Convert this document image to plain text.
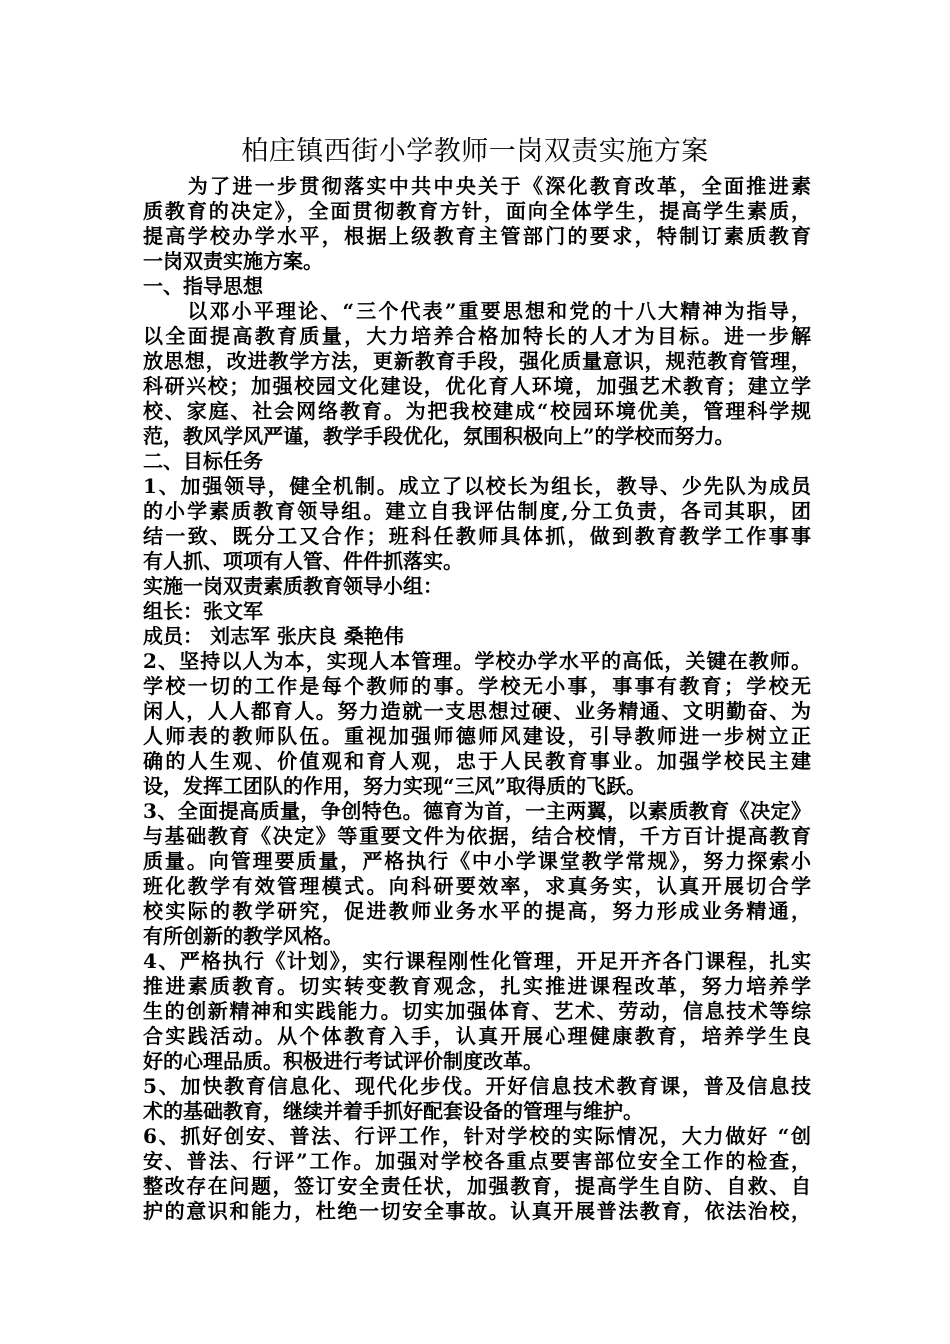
柏庄镇西街小学教师一岗双责实施方案
　　为了进一步贯彻落实中共中央关于《深化教育改革，全面推进素
质教育的决定》，全面贯彻教育方针，面向全体学生，提高学生素质，
提高学校办学水平，根据上级教育主管部门的要求，特制订素质教育
一岗双责实施方案。
一、指导思想
　　以邓小平理论、“三个代表”重要思想和党的十八大精神为指导，
以全面提高教育质量，大力培养合格加特长的人才为目标。进一步解
放思想，改进教学方法，更新教育手段，强化质量意识，规范教育管理，
科研兴校；加强校园文化建设，优化育人环境，加强艺术教育；建立学
校、家庭、社会网络教育。为把我校建成“校园环境优美，管理科学规
范，教风学风严谨，教学手段优化，氛围积极向上”的学校而努力。
二、目标任务
1、加强领导，健全机制。成立了以校长为组长，教导、少先队为成员
的小学素质教育领导组。建立自我评估制度,分工负责，各司其职，团
结一致、既分工又合作；班科任教师具体抓，做到教育教学工作事事
有人抓、项项有人管、件件抓落实。
实施一岗双责素质教育领导小组：
组长：张文军
成员： 刘志军 张庆良 桑艳伟
2、坚持以人为本，实现人本管理。学校办学水平的高低，关键在教师。
学校一切的工作是每个教师的事。学校无小事，事事有教育；学校无
闲人，人人都育人。努力造就一支思想过硬、业务精通、文明勤奋、为
人师表的教师队伍。重视加强师德师风建设，引导教师进一步树立正
确的人生观、价值观和育人观，忠于人民教育事业。加强学校民主建
设，发挥工团队的作用，努力实现“三风”取得质的飞跃。
3、全面提高质量，争创特色。德育为首，一主两翼，以素质教育《决定》
与基础教育《决定》等重要文件为依据，结合校情，千方百计提高教育
质量。向管理要质量，严格执行《中小学课堂教学常规》，努力探索小
班化教学有效管理模式。向科研要效率，求真务实，认真开展切合学
校实际的教学研究，促进教师业务水平的提高，努力形成业务精通，
有所创新的教学风格。
4、严格执行《计划》，实行课程刚性化管理，开足开齐各门课程，扎实
推进素质教育。切实转变教育观念，扎实推进课程改革，努力培养学
生的创新精神和实践能力。切实加强体育、艺术、劳动，信息技术等综
合实践活动。从个体教育入手，认真开展心理健康教育，培养学生良
好的心理品质。积极进行考试评价制度改革。
5、加快教育信息化、现代化步伐。开好信息技术教育课，普及信息技
术的基础教育，继续并着手抓好配套设备的管理与维护。
6、抓好创安、普法、行评工作，针对学校的实际情况，大力做好 “创
安、普法、行评”工作。加强对学校各重点要害部位安全工作的检查，
整改存在问题，签订安全责任状，加强教育，提高学生自防、自救、自
护的意识和能力，杜绝一切安全事故。认真开展普法教育，依法治校，
